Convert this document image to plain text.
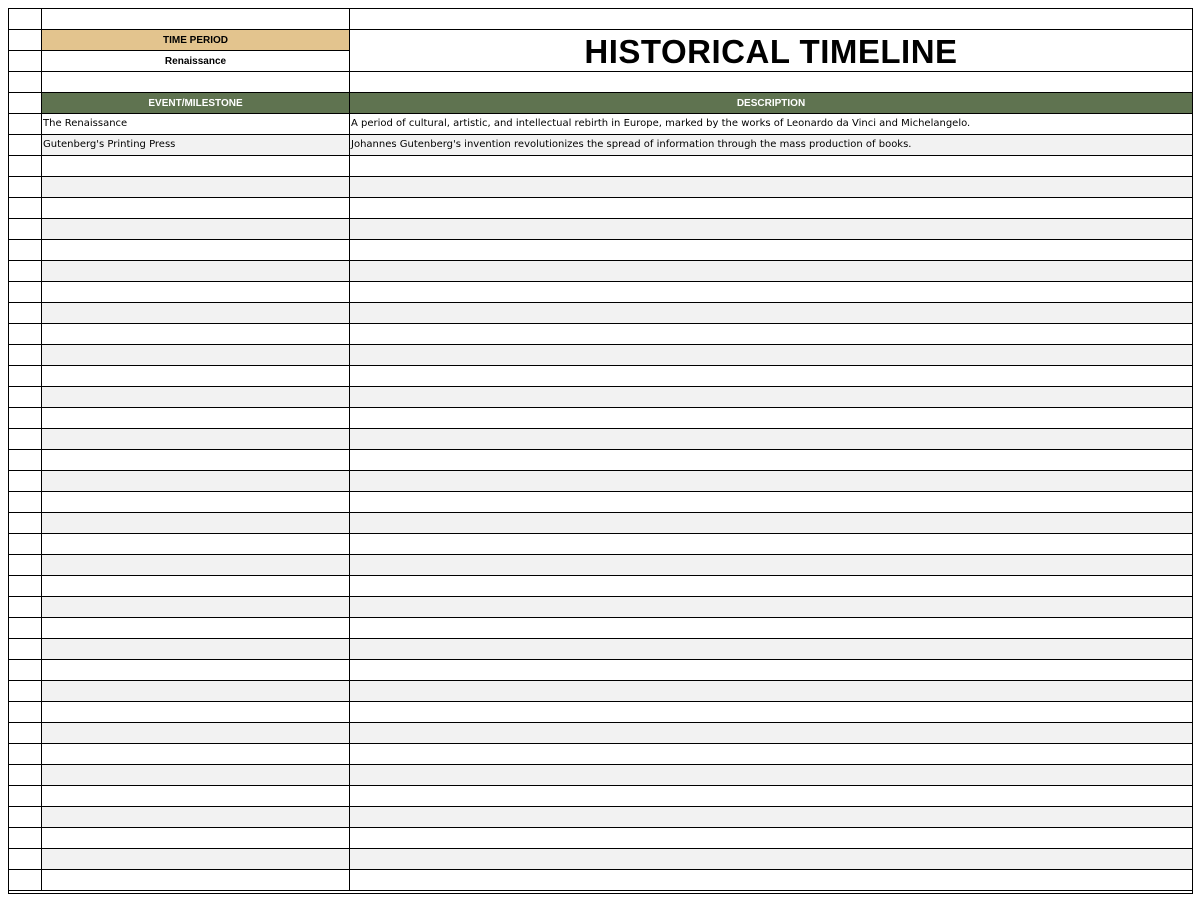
TIME PERIOD
Renaissance	HISTORICAL TIMELINE
EVENT/MILESTONE	DESCRIPTION
The Renaissance	A period of cultural, artistic, and intellectual rebirth in Europe, marked by the works of Leonardo da Vinci and Michelangelo.
Gutenberg's Printing Press	Johannes Gutenberg's invention revolutionizes the spread of information through the mass production of books.
